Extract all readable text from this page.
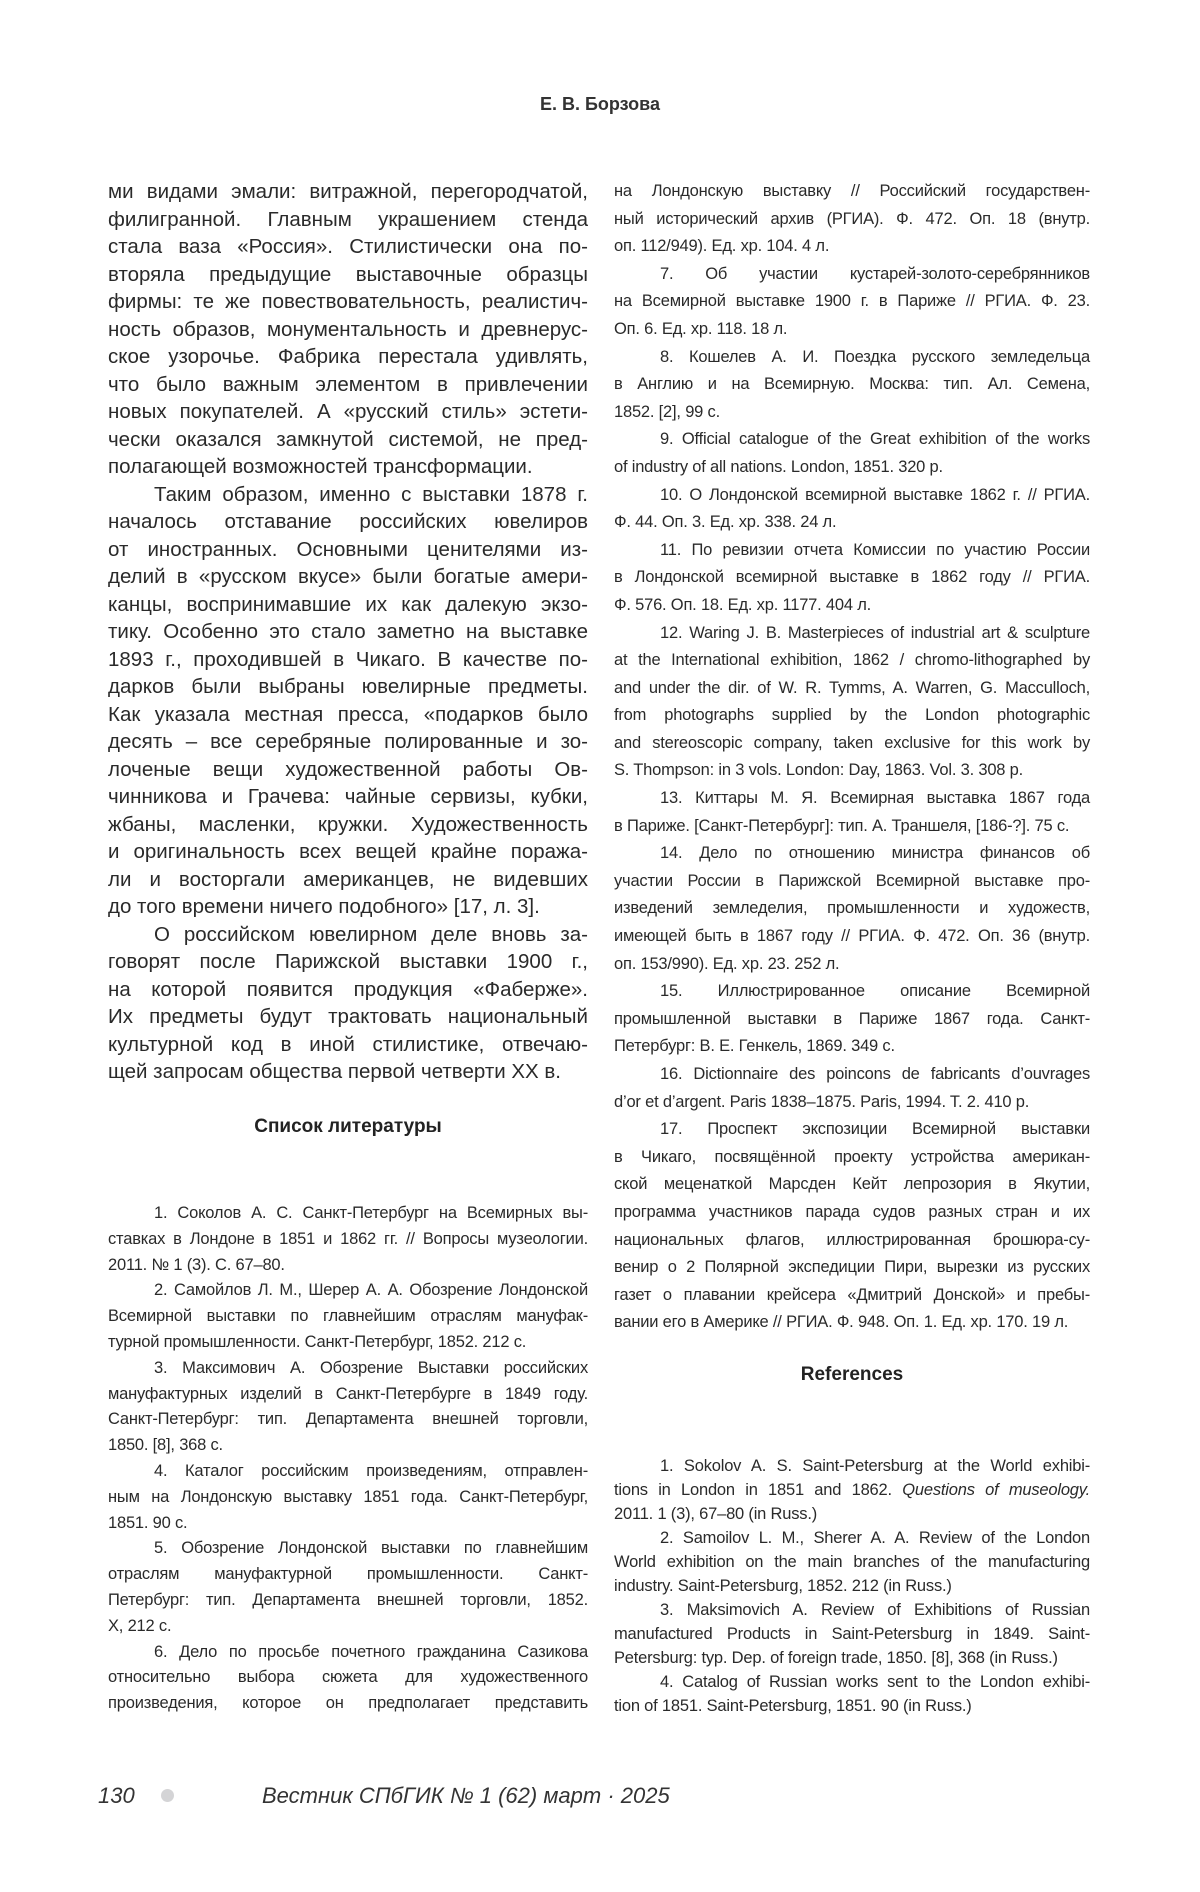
Е. В. Борзова
ми видами эмали: витражной, перегородчатой,
филигранной. Главным украшением стенда
стала ваза «Россия». Стилистически она по-
вторяла предыдущие выставочные образцы
фирмы: те же повествовательность, реалистич-
ность образов, монументальность и древнерус-
ское узорочье. Фабрика перестала удивлять,
что было важным элементом в привлечении
новых покупателей. А «русский стиль» эстети-
чески оказался замкнутой системой, не пред-
полагающей возможностей трансформации.
Таким образом, именно с выставки 1878 г.
началось отставание российских ювелиров
от иностранных. Основными ценителями из-
делий в «русском вкусе» были богатые амери-
канцы, воспринимавшие их как далекую экзо-
тику. Особенно это стало заметно на выставке
1893 г., проходившей в Чикаго. В качестве по-
дарков были выбраны ювелирные предметы.
Как указала местная пресса, «подарков было
десять – все серебряные полированные и зо-
лоченые вещи художественной работы Ов-
чинникова и Грачева: чайные сервизы, кубки,
жбаны, масленки, кружки. Художественность
и оригинальность всех вещей крайне поража-
ли и восторгали американцев, не видевших
до того времени ничего подобного» [17, л. 3].
О российском ювелирном деле вновь за-
говорят после Парижской выставки 1900 г.,
на которой появится продукция «Фаберже».
Их предметы будут трактовать национальный
культурной код в иной стилистике, отвечаю-
щей запросам общества первой четверти XX в.
Список литературы
1. Соколов А. С. Санкт-Петербург на Всемирных вы-
ставках в Лондоне в 1851 и 1862 гг. // Вопросы музеологии.
2011. № 1 (3). С. 67–80.
2. Самойлов Л. М., Шерер А. А. Обозрение Лондонской
Всемирной выставки по главнейшим отраслям мануфак-
турной промышленности. Санкт-Петербург, 1852. 212 с.
3. Максимович А. Обозрение Выставки российских
мануфактурных изделий в Санкт-Петербурге в 1849 году.
Санкт-Петербург: тип. Департамента внешней торговли,
1850. [8], 368 с.
4. Каталог российским произведениям, отправлен-
ным на Лондонскую выставку 1851 года. Санкт-Петербург,
1851. 90 с.
5. Обозрение Лондонской выставки по главнейшим
отраслям мануфактурной промышленности. Санкт-
Петербург: тип. Департамента внешней торговли, 1852.
X, 212 с.
6. Дело по просьбе почетного гражданина Сазикова
относительно выбора сюжета для художественного
произведения, которое он предполагает представить
на Лондонскую выставку // Российский государствен-
ный исторический архив (РГИА). Ф. 472. Оп. 18 (внутр.
оп. 112/949). Ед. хр. 104. 4 л.
7. Об участии кустарей-золото-серебрянников
на Всемирной выставке 1900 г. в Париже // РГИА. Ф. 23.
Оп. 6. Ед. хр. 118. 18 л.
8. Кошелев А. И. Поездка русского земледельца
в Англию и на Всемирную. Москва: тип. Ал. Семена,
1852. [2], 99 с.
9. Official catalogue of the Great exhibition of the works
of industry of all nations. London, 1851. 320 p.
10. О Лондонской всемирной выставке 1862 г. // РГИА.
Ф. 44. Оп. 3. Ед. хр. 338. 24 л.
11. По ревизии отчета Комиссии по участию России
в Лондонской всемирной выставке в 1862 году // РГИА.
Ф. 576. Оп. 18. Ед. хр. 1177. 404 л.
12. Waring J. B. Masterpieces of industrial art & sculpture
at the International exhibition, 1862 / chromo-lithographed by
and under the dir. of W. R. Tymms, A. Warren, G. Macculloch,
from photographs supplied by the London photographic
and stereoscopic company, taken exclusive for this work by
S. Thompson: in 3 vols. London: Day, 1863. Vol. 3. 308 p.
13. Киттары М. Я. Всемирная выставка 1867 года
в Париже. [Санкт-Петербург]: тип. А. Траншеля, [186-?]. 75 с.
14. Дело по отношению министра финансов об
участии России в Парижской Всемирной выставке про-
изведений земледелия, промышленности и художеств,
имеющей быть в 1867 году // РГИА. Ф. 472. Оп. 36 (внутр.
оп. 153/990). Ед. хр. 23. 252 л.
15. Иллюстрированное описание Всемирной
промышленной выставки в Париже 1867 года. Санкт-
Петербург: В. Е. Генкель, 1869. 349 с.
16. Dictionnaire des poincons de fabricants d’ouvrages
d’or et d’argent. Paris 1838–1875. Paris, 1994. T. 2. 410 p.
17. Проспект экспозиции Всемирной выставки
в Чикаго, посвящённой проекту устройства американ-
ской меценаткой Марсден Кейт лепрозория в Якутии,
программа участников парада судов разных стран и их
национальных флагов, иллюстрированная брошюра-су-
венир о 2 Полярной экспедиции Пири, вырезки из русских
газет о плавании крейсера «Дмитрий Донской» и пребы-
вании его в Америке // РГИА. Ф. 948. Оп. 1. Ед. хр. 170. 19 л.
References
1. Sokolov A. S. Saint-Petersburg at the World exhibi-
tions in London in 1851 and 1862. Questions of museology.
2011. 1 (3), 67–80 (in Russ.)
2. Samoilov L. M., Sherer A. A. Review of the London
World exhibition on the main branches of the manufacturing
industry. Saint-Petersburg, 1852. 212 (in Russ.)
3. Maksimovich A. Review of Exhibitions of Russian
manufactured Products in Saint-Petersburg in 1849. Saint-
Petersburg: typ. Dep. of foreign trade, 1850. [8], 368 (in Russ.)
4. Catalog of Russian works sent to the London exhibi-
tion of 1851. Saint-Petersburg, 1851. 90 (in Russ.)
130	Вестник СПбГИК № 1 (62) март · 2025
